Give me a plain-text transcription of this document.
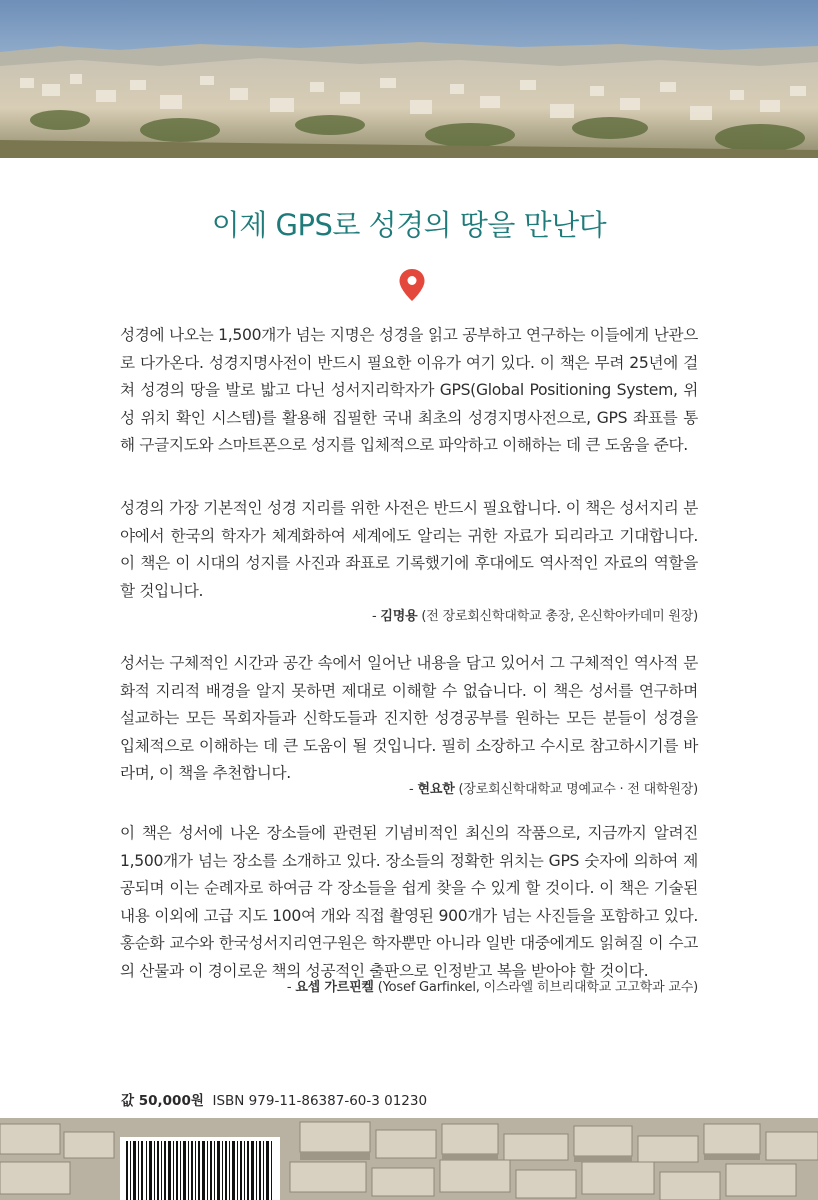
이제 GPS로 성경의 땅을 만난다
성경에 나오는 1,500개가 넘는 지명은 성경을 읽고 공부하고 연구하는 이들에게 난관으로 다가온다. 성경지명사전이 반드시 필요한 이유가 여기 있다. 이 책은 무려 25년에 걸쳐 성경의 땅을 발로 밟고 다닌 성서지리학자가 GPS(Global Positioning System, 위성 위치 확인 시스템)를 활용해 집필한 국내 최초의 성경지명사전으로, GPS 좌표를 통해 구글지도와 스마트폰으로 성지를 입체적으로 파악하고 이해하는 데 큰 도움을 준다.
성경의 가장 기본적인 성경 지리를 위한 사전은 반드시 필요합니다. 이 책은 성서지리 분야에서 한국의 학자가 체계화하여 세계에도 알리는 귀한 자료가 되리라고 기대합니다. 이 책은 이 시대의 성지를 사진과 좌표로 기록했기에 후대에도 역사적인 자료의 역할을 할 것입니다.
- 김명용 (전 장로회신학대학교 총장, 온신학아카데미 원장)
성서는 구체적인 시간과 공간 속에서 일어난 내용을 담고 있어서 그 구체적인 역사적 문화적 지리적 배경을 알지 못하면 제대로 이해할 수 없습니다. 이 책은 성서를 연구하며 설교하는 모든 목회자들과 신학도들과 진지한 성경공부를 원하는 모든 분들이 성경을 입체적으로 이해하는 데 큰 도움이 될 것입니다. 필히 소장하고 수시로 참고하시기를 바라며, 이 책을 추천합니다.
- 현요한 (장로회신학대학교 명예교수 · 전 대학원장)
이 책은 성서에 나온 장소들에 관련된 기념비적인 최신의 작품으로, 지금까지 알려진 1,500개가 넘는 장소를 소개하고 있다. 장소들의 정확한 위치는 GPS 숫자에 의하여 제공되며 이는 순례자로 하여금 각 장소들을 쉽게 찾을 수 있게 할 것이다. 이 책은 기술된 내용 이외에 고급 지도 100여 개와 직접 촬영된 900개가 넘는 사진들을 포함하고 있다. 홍순화 교수와 한국성서지리연구원은 학자뿐만 아니라 일반 대중에게도 읽혀질 이 수고의 산물과 이 경이로운 책의 성공적인 출판으로 인정받고 복을 받아야 할 것이다.
- 요셉 가르핀켈 (Yosef Garfinkel, 이스라엘 히브리대학교 고고학과 교수)
값 50,000원 ISBN 979-11-86387-60-3 01230
